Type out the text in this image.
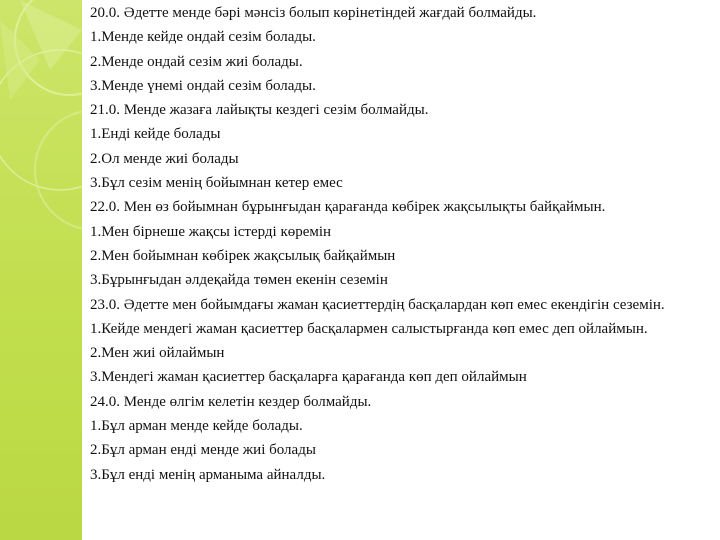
20.0. Әдетте менде бәрі мәнсіз болып көрінетіндей жағдай болмайды.
1.Менде кейде ондай сезім болады.
2.Менде ондай сезім жиі болады.
3.Менде үнемі ондай сезім болады.
21.0. Менде жазаға лайықты кездегі сезім болмайды.
1.Енді кейде болады
2.Ол менде жиі болады
3.Бұл сезім менің бойымнан кетер емес
22.0. Мен өз бойымнан бұрынғыдан қарағанда көбірек жақсылықты байқаймын.
1.Мен бірнеше жақсы істерді көремін
2.Мен бойымнан көбірек жақсылық байқаймын
3.Бұрынғыдан әлдеқайда төмен екенін сеземін
23.0. Әдетте мен бойымдағы жаман қасиеттердің басқалардан көп емес екендігін сеземін.
1.Кейде мендегі жаман қасиеттер басқалармен салыстырғанда көп емес деп ойлаймын.
2.Мен жиі ойлаймын
3.Мендегі жаман қасиеттер басқаларға қарағанда көп деп ойлаймын
24.0. Менде өлгім келетін кездер болмайды.
1.Бұл арман менде кейде болады.
2.Бұл арман енді менде жиі болады
3.Бұл енді менің арманыма айналды.
